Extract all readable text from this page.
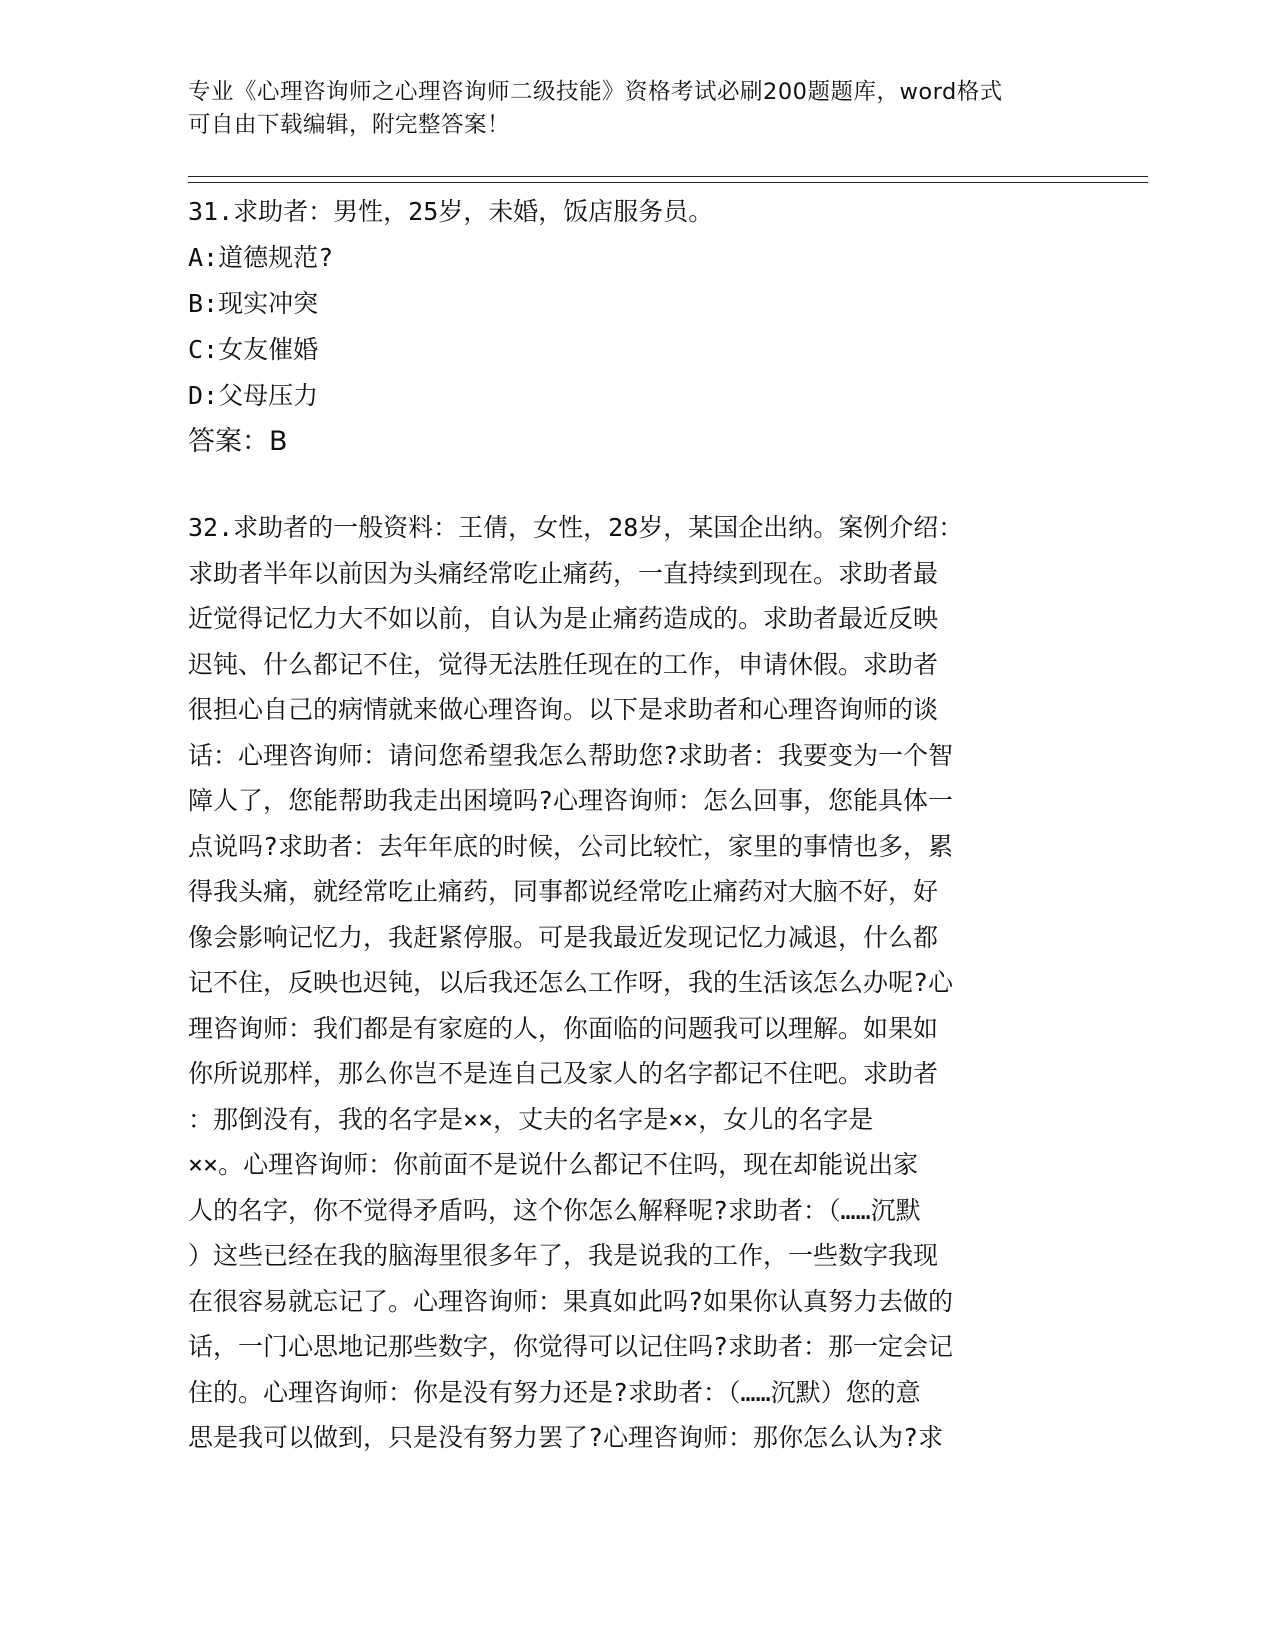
专业《心理咨询师之心理咨询师二级技能》资格考试必刷200题题库，word格式
可自由下载编辑，附完整答案！
31.求助者：男性，25岁，未婚，饭店服务员。
A:道德规范?
B:现实冲突
C:女友催婚
D:父母压力
答案：B
32.求助者的一般资料：王倩，女性，28岁，某国企出纳。案例介绍：
求助者半年以前因为头痛经常吃止痛药，一直持续到现在。求助者最
近觉得记忆力大不如以前，自认为是止痛药造成的。求助者最近反映
迟钝、什么都记不住，觉得无法胜任现在的工作，申请休假。求助者
很担心自己的病情就来做心理咨询。以下是求助者和心理咨询师的谈
话：心理咨询师：请问您希望我怎么帮助您?求助者：我要变为一个智
障人了，您能帮助我走出困境吗?心理咨询师：怎么回事，您能具体一
点说吗?求助者：去年年底的时候，公司比较忙，家里的事情也多，累
得我头痛，就经常吃止痛药，同事都说经常吃止痛药对大脑不好，好
像会影响记忆力，我赶紧停服。可是我最近发现记忆力减退，什么都
记不住，反映也迟钝，以后我还怎么工作呀，我的生活该怎么办呢?心
理咨询师：我们都是有家庭的人，你面临的问题我可以理解。如果如
你所说那样，那么你岂不是连自己及家人的名字都记不住吧。求助者
：那倒没有，我的名字是××，丈夫的名字是××，女儿的名字是
××。心理咨询师：你前面不是说什么都记不住吗，现在却能说出家
人的名字，你不觉得矛盾吗，这个你怎么解释呢?求助者：（……沉默
）这些已经在我的脑海里很多年了，我是说我的工作，一些数字我现
在很容易就忘记了。心理咨询师：果真如此吗?如果你认真努力去做的
话，一门心思地记那些数字，你觉得可以记住吗?求助者：那一定会记
住的。心理咨询师：你是没有努力还是?求助者：（……沉默）您的意
思是我可以做到，只是没有努力罢了?心理咨询师：那你怎么认为?求
